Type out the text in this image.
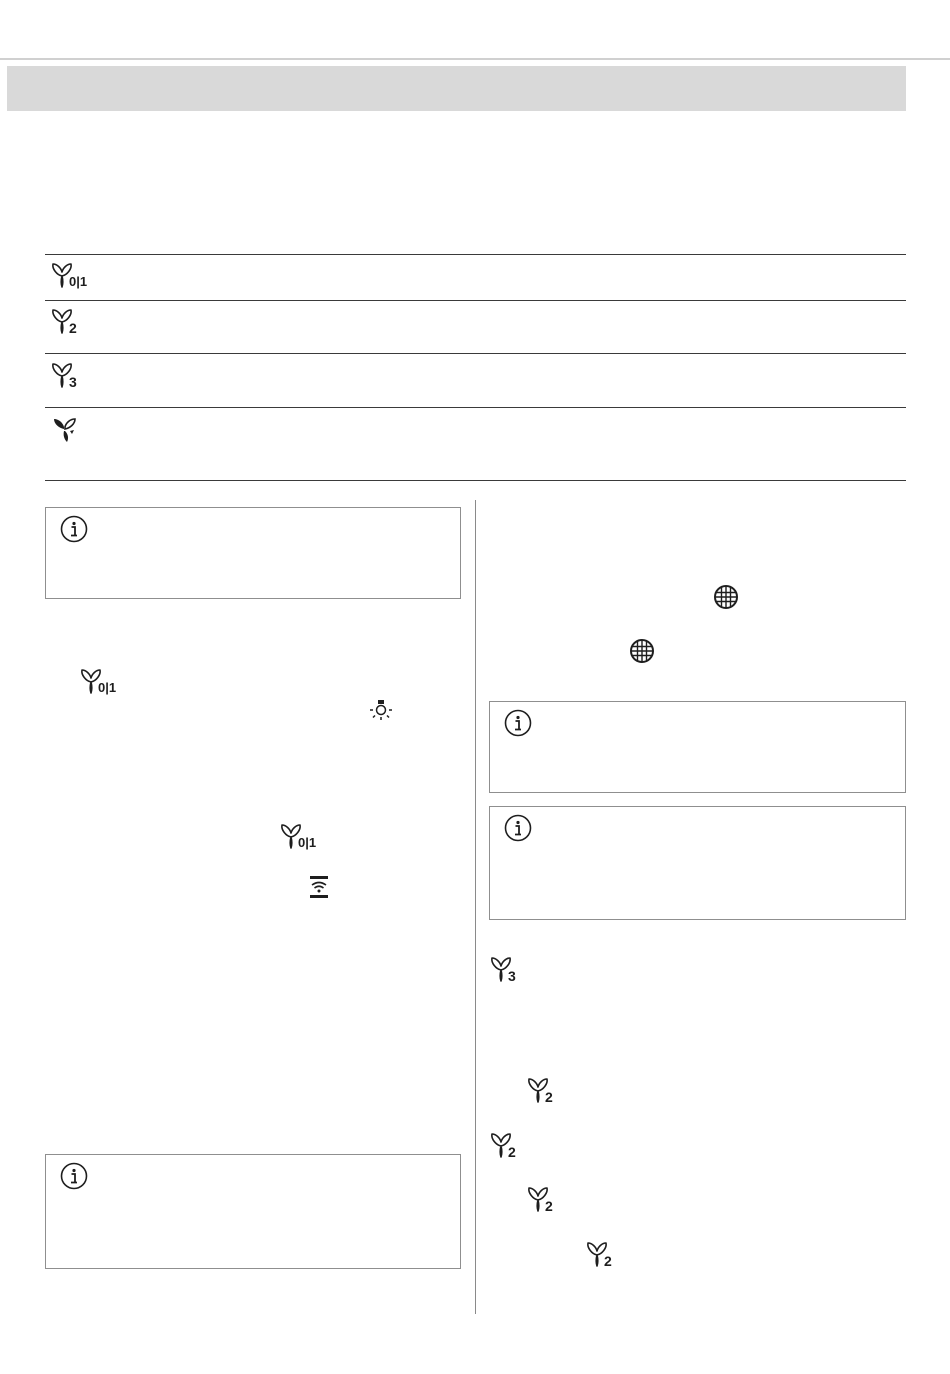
0|1
2
3
0|1
0|1
3
2
2
2
2
